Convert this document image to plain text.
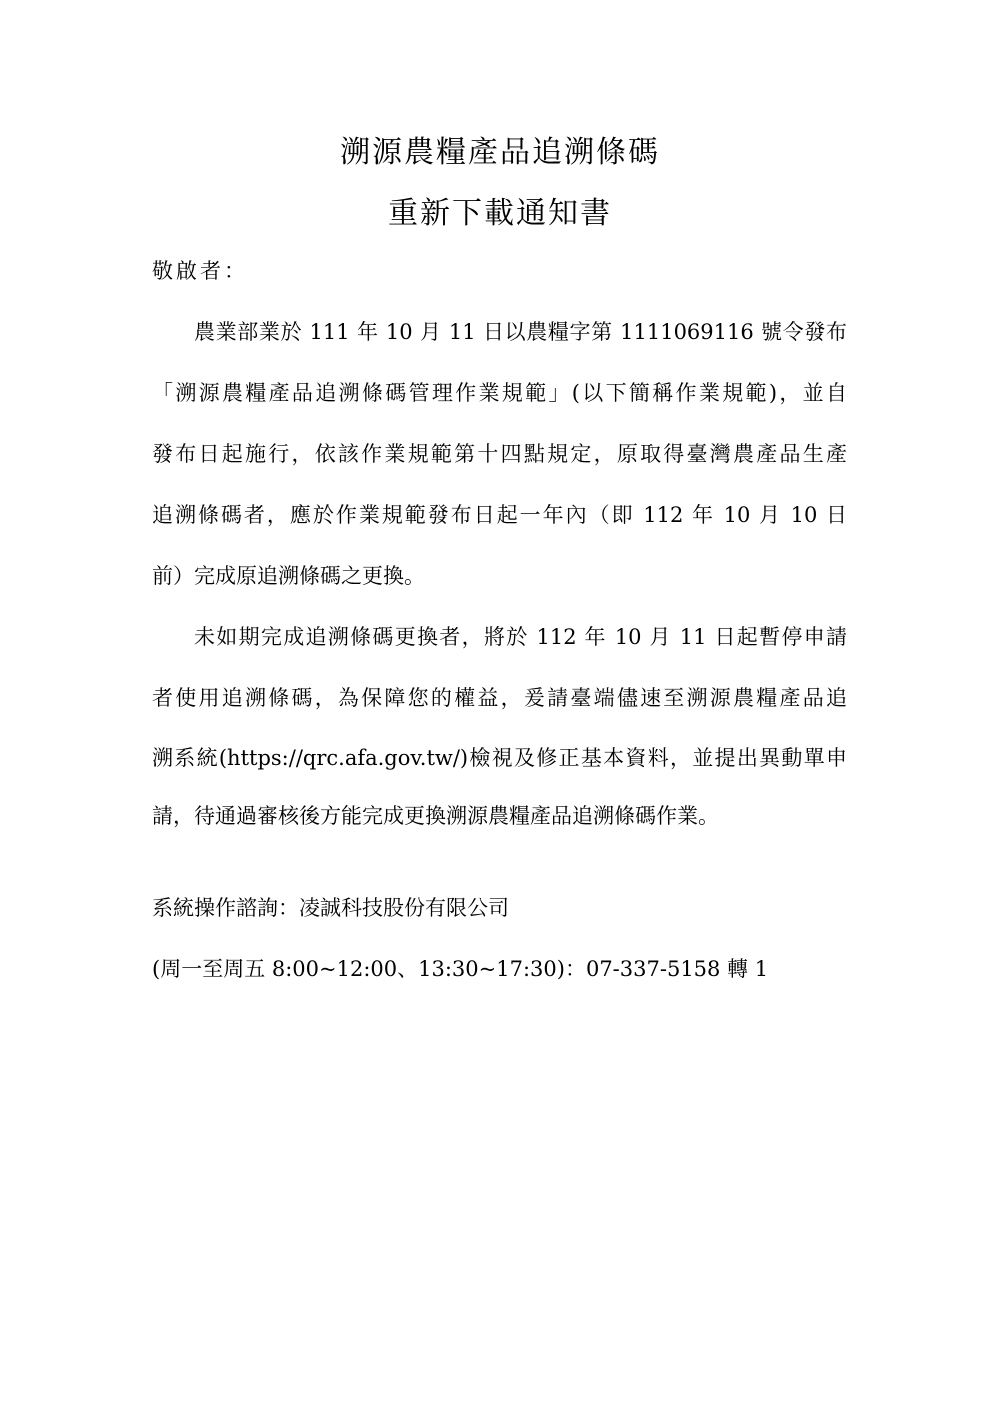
溯源農糧產品追溯條碼
重新下載通知書
敬啟者：
農業部業於 111 年 10 月 11 日以農糧字第 1111069116 號令發布
「溯源農糧產品追溯條碼管理作業規範」(以下簡稱作業規範)，並自
發布日起施行，依該作業規範第十四點規定，原取得臺灣農產品生產
追溯條碼者，應於作業規範發布日起一年內（即 112 年 10 月 10 日
前）完成原追溯條碼之更換。
未如期完成追溯條碼更換者，將於 112 年 10 月 11 日起暫停申請
者使用追溯條碼，為保障您的權益，爰請臺端儘速至溯源農糧產品追
溯系統(https://qrc.afa.gov.tw/)檢視及修正基本資料，並提出異動單申
請，待通過審核後方能完成更換溯源農糧產品追溯條碼作業。
系統操作諮詢：凌誠科技股份有限公司
(周一至周五 8:00~12:00、13:30~17:30)：07-337-5158 轉 1
